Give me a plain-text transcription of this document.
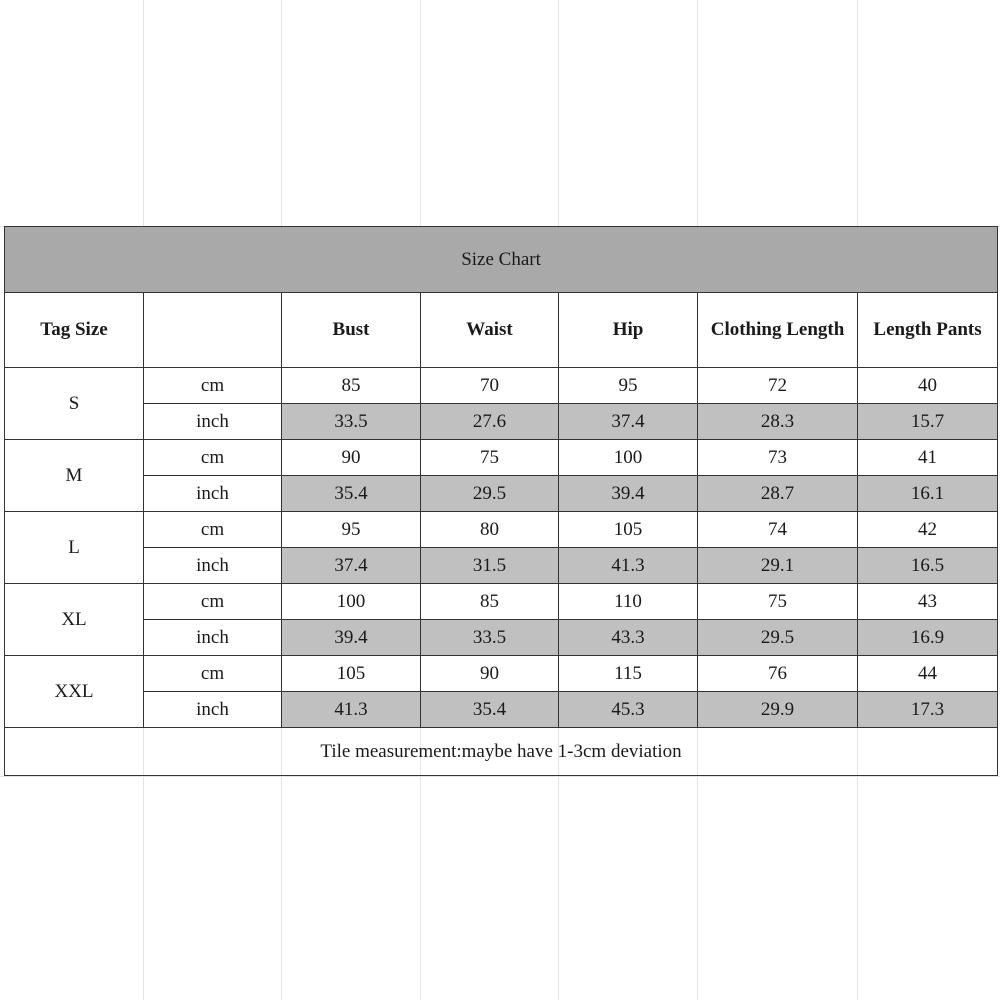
Size Chart						
Tag Size		Bust	Waist	Hip	Clothing Length	Length Pants
S	cm	85	70	95	72	40
	inch	33.5	27.6	37.4	28.3	15.7
M	cm	90	75	100	73	41
	inch	35.4	29.5	39.4	28.7	16.1
L	cm	95	80	105	74	42
	inch	37.4	31.5	41.3	29.1	16.5
XL	cm	100	85	110	75	43
	inch	39.4	33.5	43.3	29.5	16.9
XXL	cm	105	90	115	76	44
	inch	41.3	35.4	45.3	29.9	17.3
Tile measurement:maybe have 1-3cm deviation						
